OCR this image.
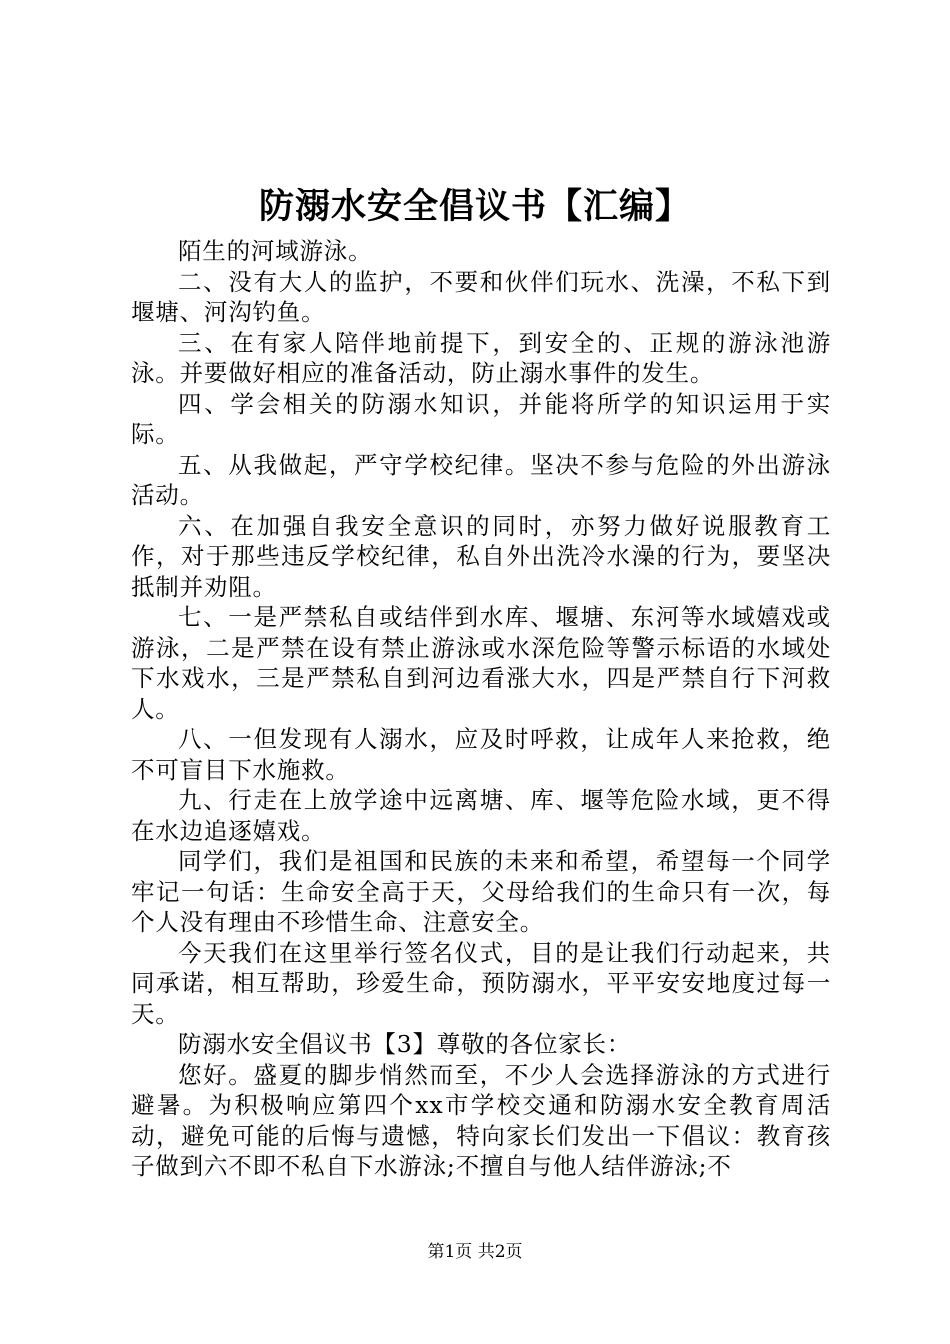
防溺水安全倡议书【汇编】

陌生的河域游泳。

二、没有大人的监护，不要和伙伴们玩水、洗澡，不私下到堰塘、河沟钓鱼。

三、在有家人陪伴地前提下，到安全的、正规的游泳池游泳。并要做好相应的准备活动，防止溺水事件的发生。

四、学会相关的防溺水知识，并能将所学的知识运用于实际。

五、从我做起，严守学校纪律。坚决不参与危险的外出游泳活动。

六、在加强自我安全意识的同时，亦努力做好说服教育工作，对于那些违反学校纪律，私自外出洗冷水澡的行为，要坚决抵制并劝阻。

七、一是严禁私自或结伴到水库、堰塘、东河等水域嬉戏或游泳，二是严禁在设有禁止游泳或水深危险等警示标语的水域处下水戏水，三是严禁私自到河边看涨大水，四是严禁自行下河救人。

八、一但发现有人溺水，应及时呼救，让成年人来抢救，绝不可盲目下水施救。

九、行走在上放学途中远离塘、库、堰等危险水域，更不得在水边追逐嬉戏。

同学们，我们是祖国和民族的未来和希望，希望每一个同学牢记一句话：生命安全高于天，父母给我们的生命只有一次，每个人没有理由不珍惜生命、注意安全。

今天我们在这里举行签名仪式，目的是让我们行动起来，共同承诺，相互帮助，珍爱生命，预防溺水，平平安安地度过每一天。

防溺水安全倡议书【3】尊敬的各位家长：

您好。盛夏的脚步悄然而至，不少人会选择游泳的方式进行避暑。为积极响应第四个xx市学校交通和防溺水安全教育周活动，避免可能的后悔与遗憾，特向家长们发出一下倡议：教育孩子做到六不即不私自下水游泳;不擅自与他人结伴游泳;不

第1页 共2页
